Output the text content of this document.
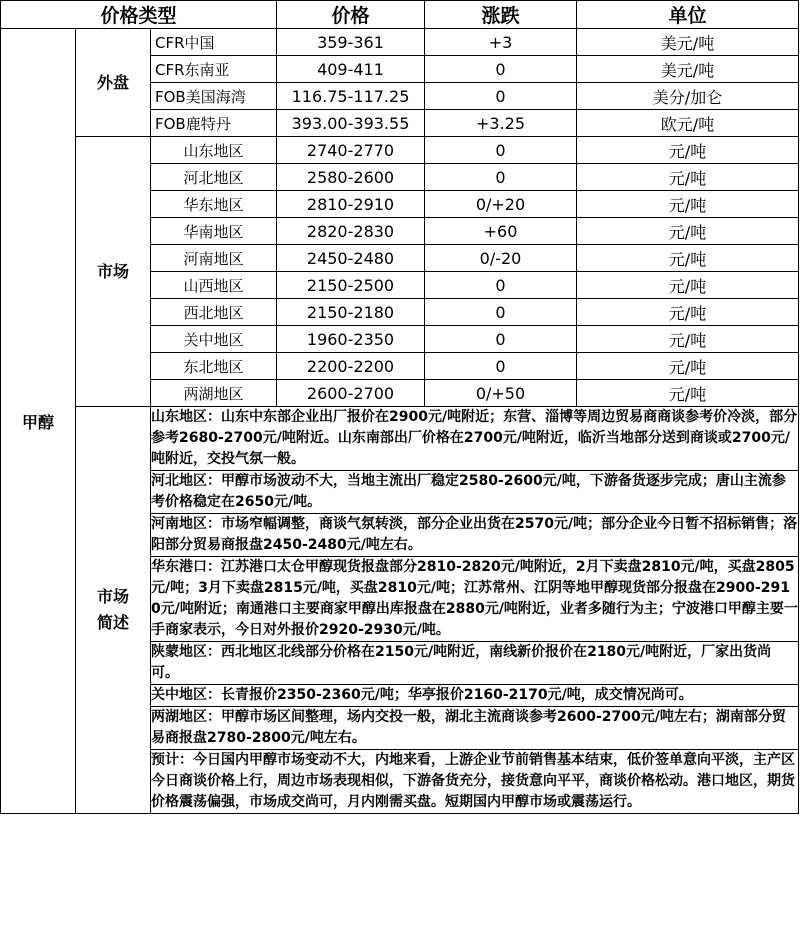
价格类型			价格	涨跌	单位
甲醇	外盘	CFR中国	359-361	+3	美元/吨
		CFR东南亚	409-411	0	美元/吨
		FOB美国海湾	116.75-117.25	0	美分/加仑
		FOB鹿特丹	393.00-393.55	+3.25	欧元/吨
	市场	山东地区	2740-2770	0	元/吨
		河北地区	2580-2600	0	元/吨
		华东地区	2810-2910	0/+20	元/吨
		华南地区	2820-2830	+60	元/吨
		河南地区	2450-2480	0/-20	元/吨
		山西地区	2150-2500	0	元/吨
		西北地区	2150-2180	0	元/吨
		关中地区	1960-2350	0	元/吨
		东北地区	2200-2200	0	元/吨
		两湖地区	2600-2700	0/+50	元/吨

	市场简述	山东地区：山东中东部企业出厂报价在2900元/吨附近；东营、淄博等周边贸易商商谈参考价冷淡，部分参考2680-2700元/吨附近。山东南部出厂价格在2700元/吨附近，临沂当地部分送到商谈或2700元/吨附近，交投气氛一般。			
		河北地区：甲醇市场波动不大，当地主流出厂稳定2580-2600元/吨，下游备货逐步完成；唐山主流参考价格稳定在2650元/吨。			
		河南地区：市场窄幅调整，商谈气氛转淡，部分企业出货在2570元/吨；部分企业今日暂不招标销售；洛阳部分贸易商报盘2450-2480元/吨左右。			
		华东港口：江苏港口太仓甲醇现货报盘部分2810-2820元/吨附近，2月下卖盘2810元/吨，买盘2805元/吨；3月下卖盘2815元/吨，买盘2810元/吨；江苏常州、江阴等地甲醇现货部分报盘在2900-2910元/吨附近；南通港口主要商家甲醇出库报盘在2880元/吨附近，业者多随行为主；宁波港口甲醇主要一手商家表示，今日对外报价2920-2930元/吨。			
		陕蒙地区：西北地区北线部分价格在2150元/吨附近，南线新价报价在2180元/吨附近，厂家出货尚可。			
		关中地区：长青报价2350-2360元/吨；华亭报价2160-2170元/吨，成交情况尚可。			
		两湖地区：甲醇市场区间整理，场内交投一般，湖北主流商谈参考2600-2700元/吨左右；湖南部分贸易商报盘2780-2800元/吨左右。			
		预计：今日国内甲醇市场变动不大，内地来看，上游企业节前销售基本结束，低价签单意向平淡，主产区今日商谈价格上行，周边市场表现相似，下游备货充分，接货意向平平，商谈价格松动。港口地区，期货价格震荡偏强，市场成交尚可，月内刚需买盘。短期国内甲醇市场或震荡运行。			
